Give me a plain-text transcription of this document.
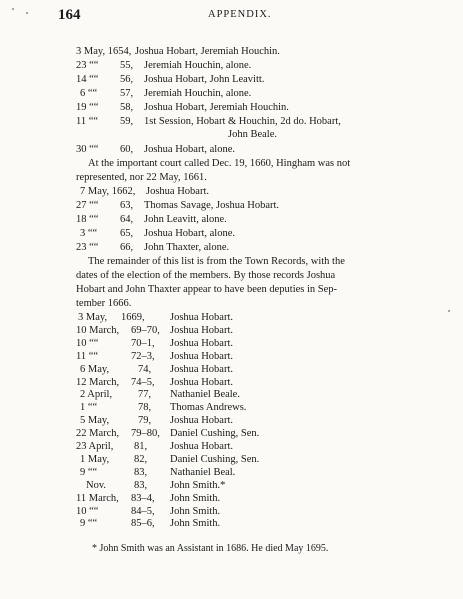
164	APPENDIX.
3 May, 1654, Joshua Hobart, Jeremiah Houchin.
23 ““ 55, Jeremiah Houchin, alone.
14 ““ 56, Joshua Hobart, John Leavitt.
6 ““ 57, Jeremiah Houchin, alone.
19 ““ 58, Joshua Hobart, Jeremiah Houchin.
11 ““ 59, 1st Session, Hobart & Houchin, 2d do. Hobart,
John Beale.
30 ““ 60, Joshua Hobart, alone.
At the important court called Dec. 19, 1660, Hingham was not
represented, nor 22 May, 1661.
7 May, 1662, Joshua Hobart.
27 ““ 63, Thomas Savage, Joshua Hobart.
18 ““ 64, John Leavitt, alone.
3 ““ 65, Joshua Hobart, alone.
23 ““ 66, John Thaxter, alone.
The remainder of this list is from the Town Records, with the
dates of the election of the members. By those records Joshua
Hobart and John Thaxter appear to have been deputies in Sep-
tember 1666.
3 May, 1669, Joshua Hobart.
10 March, 69–70, Joshua Hobart.
10 ““	70–1, Joshua Hobart.
11 ““	72–3, Joshua Hobart.
6 May,	74, Joshua Hobart.
12 March, 74–5, Joshua Hobart.
2 April, 77, Nathaniel Beale.
1 ““	78, Thomas Andrews.
5 May,	79, Joshua Hobart.
22 March, 79–80, Daniel Cushing, Sen.
23 April, 81, Joshua Hobart.
1 May, 82, Daniel Cushing, Sen.
9 ““	83, Nathaniel Beal.
Nov.	83, John Smith.*
11 March, 83–4, John Smith.
10 ““	84–5, John Smith.
9 ““	85–6, John Smith.
* John Smith was an Assistant in 1686. He died May 1695.
